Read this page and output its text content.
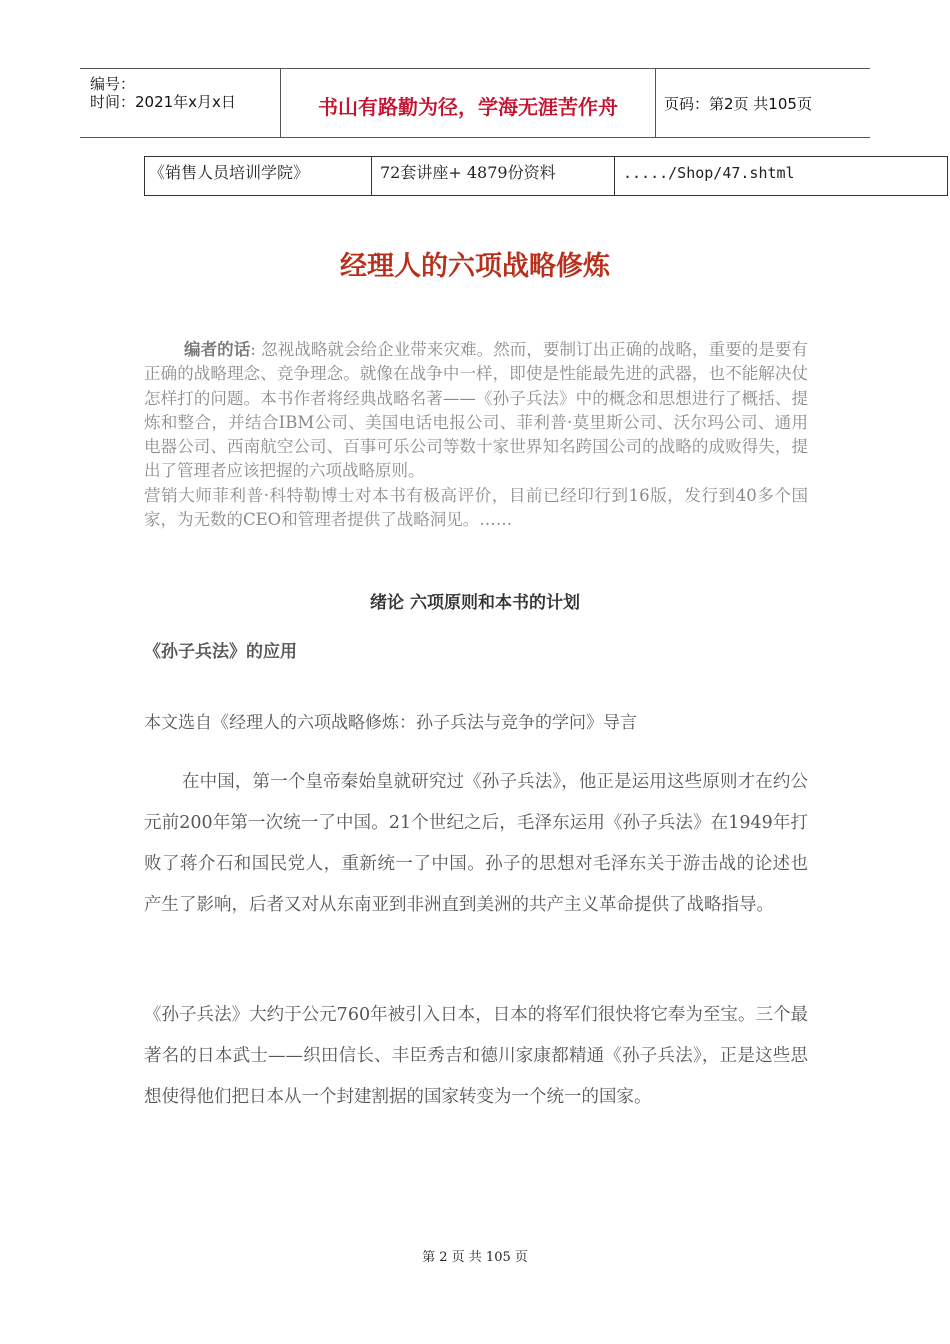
编号：
时间：2021年x月x日	书山有路勤为径，学海无涯苦作舟	页码：第2页 共105页
《销售人员培训学院》	72套讲座+ 4879份资料	...../Shop/47.shtml
经理人的六项战略修炼

编者的话: 忽视战略就会给企业带来灾难。然而，要制订出正确的战略，重要的是要有正确的战略理念、竞争理念。就像在战争中一样，即使是性能最先进的武器，也不能解决仗怎样打的问题。本书作者将经典战略名著——《孙子兵法》中的概念和思想进行了概括、提炼和整合，并结合IBM公司、美国电话电报公司、菲利普·莫里斯公司、沃尔玛公司、通用电器公司、西南航空公司、百事可乐公司等数十家世界知名跨国公司的战略的成败得失，提出了管理者应该把握的六项战略原则。

营销大师菲利普·科特勒博士对本书有极高评价，目前已经印行到16版，发行到40多个国家，为无数的CEO和管理者提供了战略洞见。……

绪论 六项原则和本书的计划
《孙子兵法》的应用
本文选自《经理人的六项战略修炼：孙子兵法与竞争的学问》导言

在中国，第一个皇帝秦始皇就研究过《孙子兵法》，他正是运用这些原则才在约公元前200年第一次统一了中国。21个世纪之后，毛泽东运用《孙子兵法》在1949年打败了蒋介石和国民党人，重新统一了中国。孙子的思想对毛泽东关于游击战的论述也产生了影响，后者又对从东南亚到非洲直到美洲的共产主义革命提供了战略指导。

《孙子兵法》大约于公元760年被引入日本，日本的将军们很快将它奉为至宝。三个最著名的日本武士——织田信长、丰臣秀吉和德川家康都精通《孙子兵法》，正是这些思想使得他们把日本从一个封建割据的国家转变为一个统一的国家。

第 2 页 共 105 页
